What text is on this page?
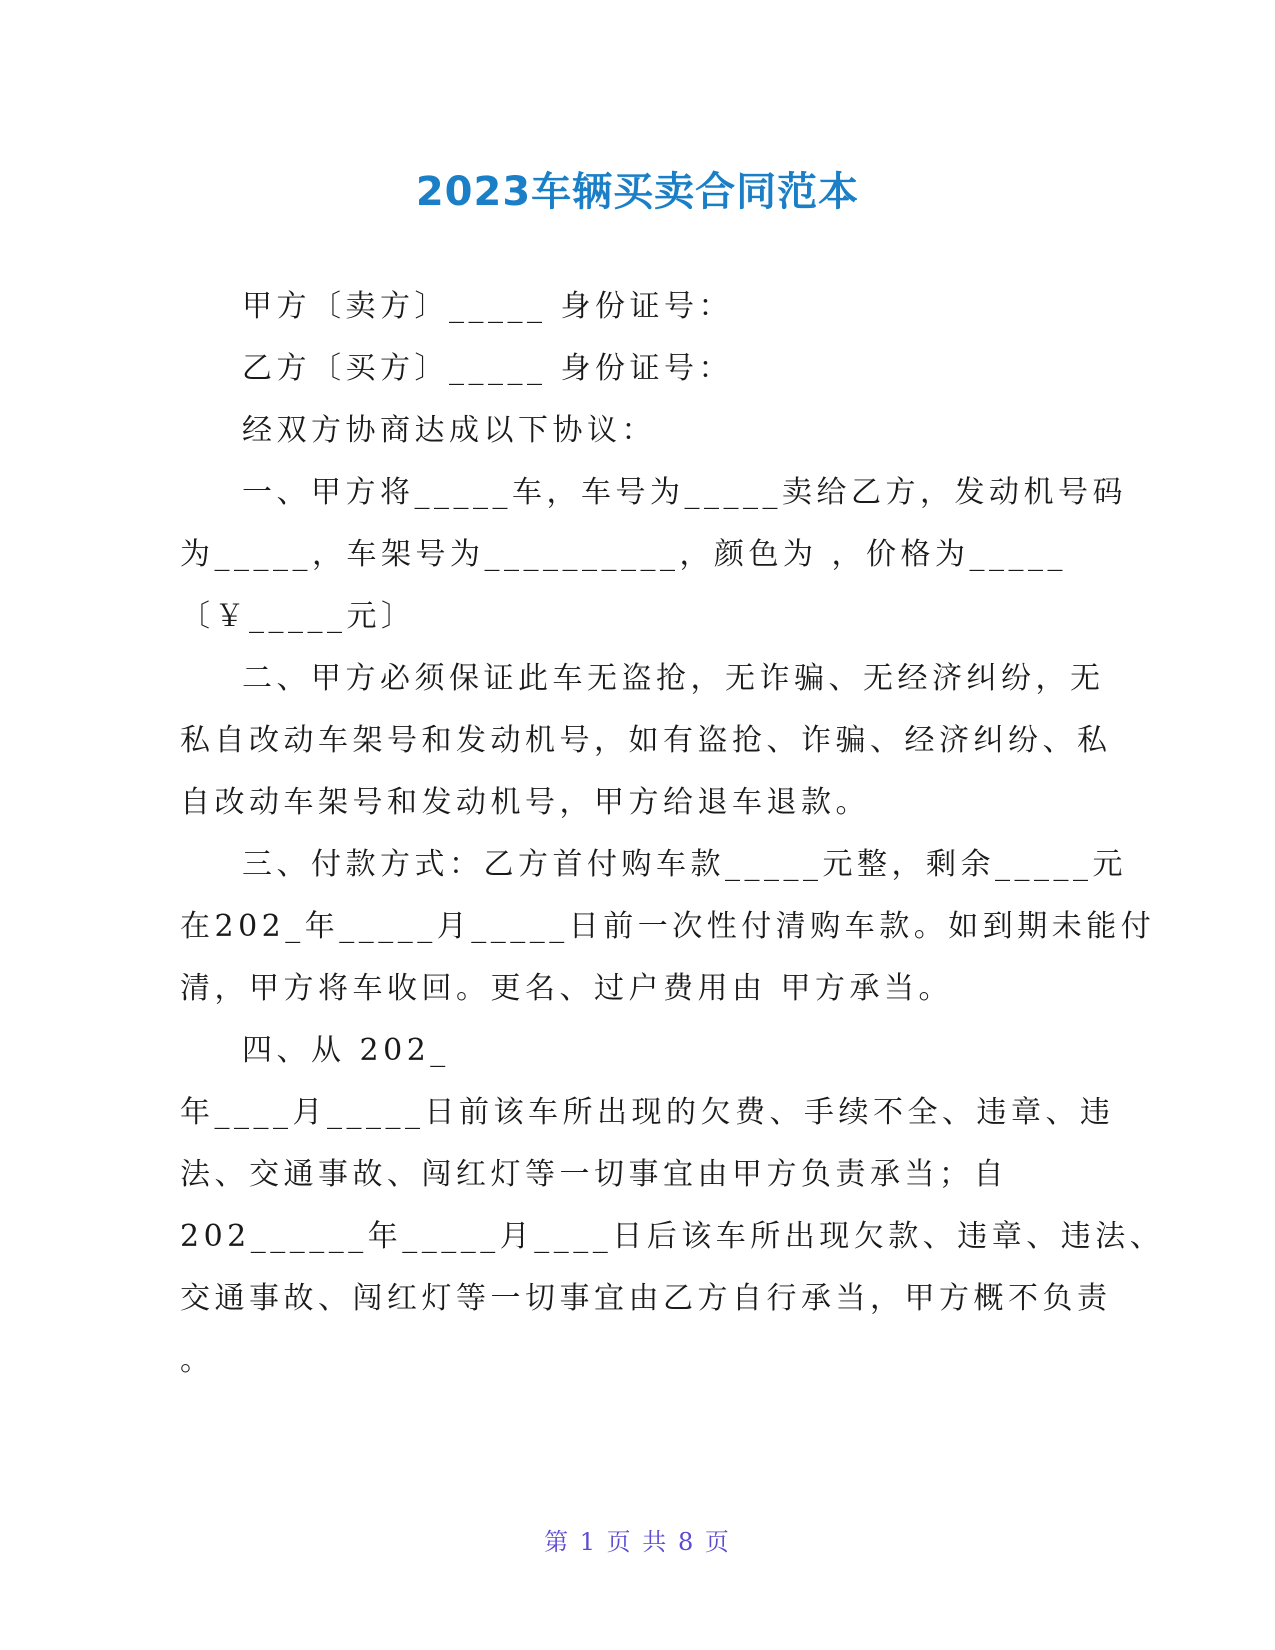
2023车辆买卖合同范本
甲方〔卖方〕_____ 身份证号：
乙方〔买方〕_____ 身份证号：
经双方协商达成以下协议：
一、甲方将_____车，车号为_____卖给乙方，发动机号码
为_____，车架号为__________，颜色为 ，价格为_____
〔￥_____元〕
二、甲方必须保证此车无盗抢，无诈骗、无经济纠纷，无
私自改动车架号和发动机号，如有盗抢、诈骗、经济纠纷、私
自改动车架号和发动机号，甲方给退车退款。
三、付款方式：乙方首付购车款_____元整，剩余_____元
在202_年_____月_____日前一次性付清购车款。如到期未能付
清，甲方将车收回。更名、过户费用由 甲方承当。
四、从 202_
年____月_____日前该车所出现的欠费、手续不全、违章、违
法、交通事故、闯红灯等一切事宜由甲方负责承当；自
202______年_____月____日后该车所出现欠款、违章、违法、
交通事故、闯红灯等一切事宜由乙方自行承当，甲方概不负责
。
第 1 页 共 8 页
